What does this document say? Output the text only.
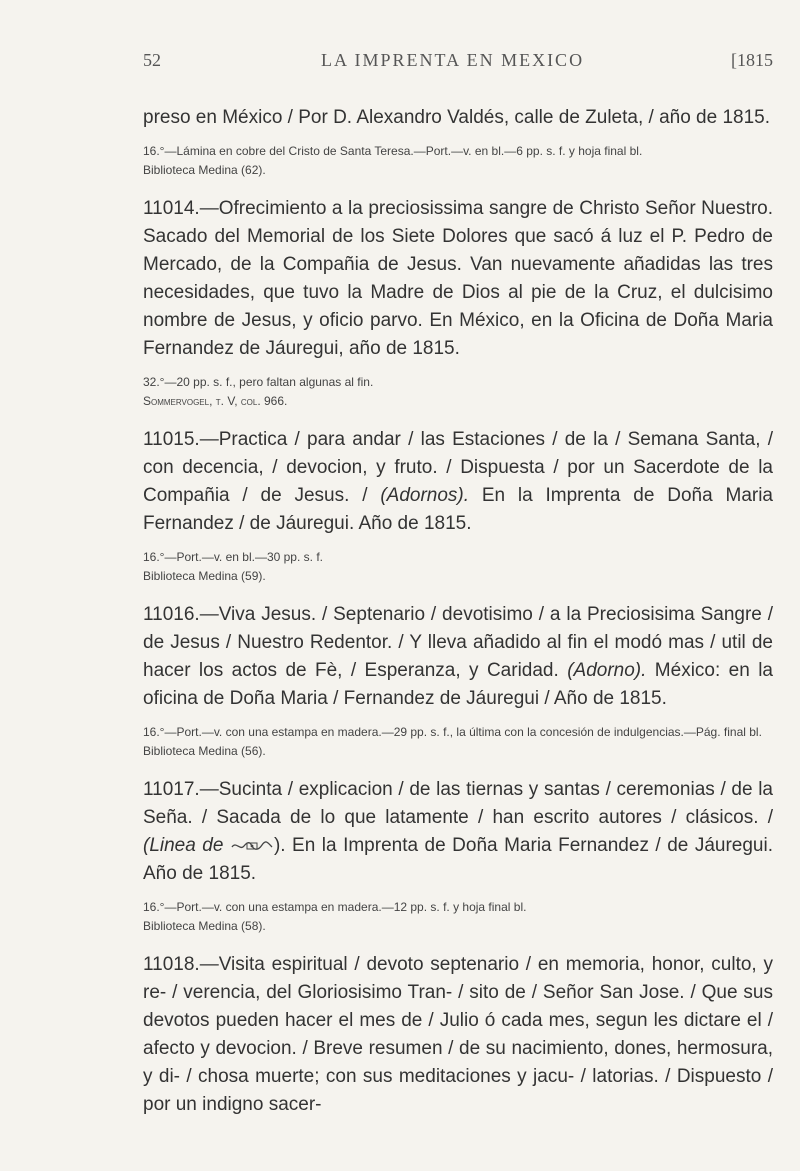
52	LA IMPRENTA EN MEXICO	[1815

preso en México / Por D. Alexandro Valdés, calle de Zuleta, / año de 1815.

16.°—Lámina en cobre del Cristo de Santa Teresa.—Port.—v. en bl.—6 pp. s. f. y hoja final bl.

Biblioteca Medina (62).

11014.—Ofrecimiento a la preciosissima sangre de Christo Señor Nuestro. Sacado del Memorial de los Siete Dolores que sacó á luz el P. Pedro de Mercado, de la Compañia de Jesus. Van nuevamente añadidas las tres necesidades, que tuvo la Madre de Dios al pie de la Cruz, el dulcisimo nombre de Jesus, y oficio parvo. En México, en la Oficina de Doña Maria Fernandez de Jáuregui, año de 1815.

32.°—20 pp. s. f., pero faltan algunas al fin.

Sommervogel, t. V, col. 966.

11015.—Practica / para andar / las Estaciones / de la / Semana Santa, / con decencia, / devocion, y fruto. / Dispuesta / por un Sacerdote de la Compañia / de Jesus. / (Adornos). En la Imprenta de Doña Maria Fernandez / de Jáuregui. Año de 1815.

16.°—Port.—v. en bl.—30 pp. s. f.

Biblioteca Medina (59).

11016.—Viva Jesus. / Septenario / devotisimo / a la Preciosisima Sangre / de Jesus / Nuestro Redentor. / Y lleva añadido al fin el modó mas / util de hacer los actos de Fè, / Esperanza, y Caridad. (Adorno). México: en la oficina de Doña Maria / Fernandez de Jáuregui / Año de 1815.

16.°—Port.—v. con una estampa en madera.—29 pp. s. f., la última con la concesión de indulgencias.—Pág. final bl.

Biblioteca Medina (56).

11017.—Sucinta / explicacion / de las tiernas y santas / ceremonias / de la Seña. / Sacada de lo que latamente / han escrito autores / clásicos. / (Linea de	). En la Imprenta de Doña Maria Fernandez / de Jáuregui. Año de 1815.

16.°—Port.—v. con una estampa en madera.—12 pp. s. f. y hoja final bl.

Biblioteca Medina (58).

11018.—Visita espiritual / devoto septenario / en memoria, honor, culto, y re- / verencia, del Gloriosisimo Tran- / sito de / Señor San Jose. / Que sus devotos pueden hacer el mes de / Julio ó cada mes, segun les dictare el / afecto y devocion. / Breve resumen / de su nacimiento, dones, hermosura, y di- / chosa muerte; con sus meditaciones y jacu- / latorias. / Dispuesto / por un indigno sacer-
